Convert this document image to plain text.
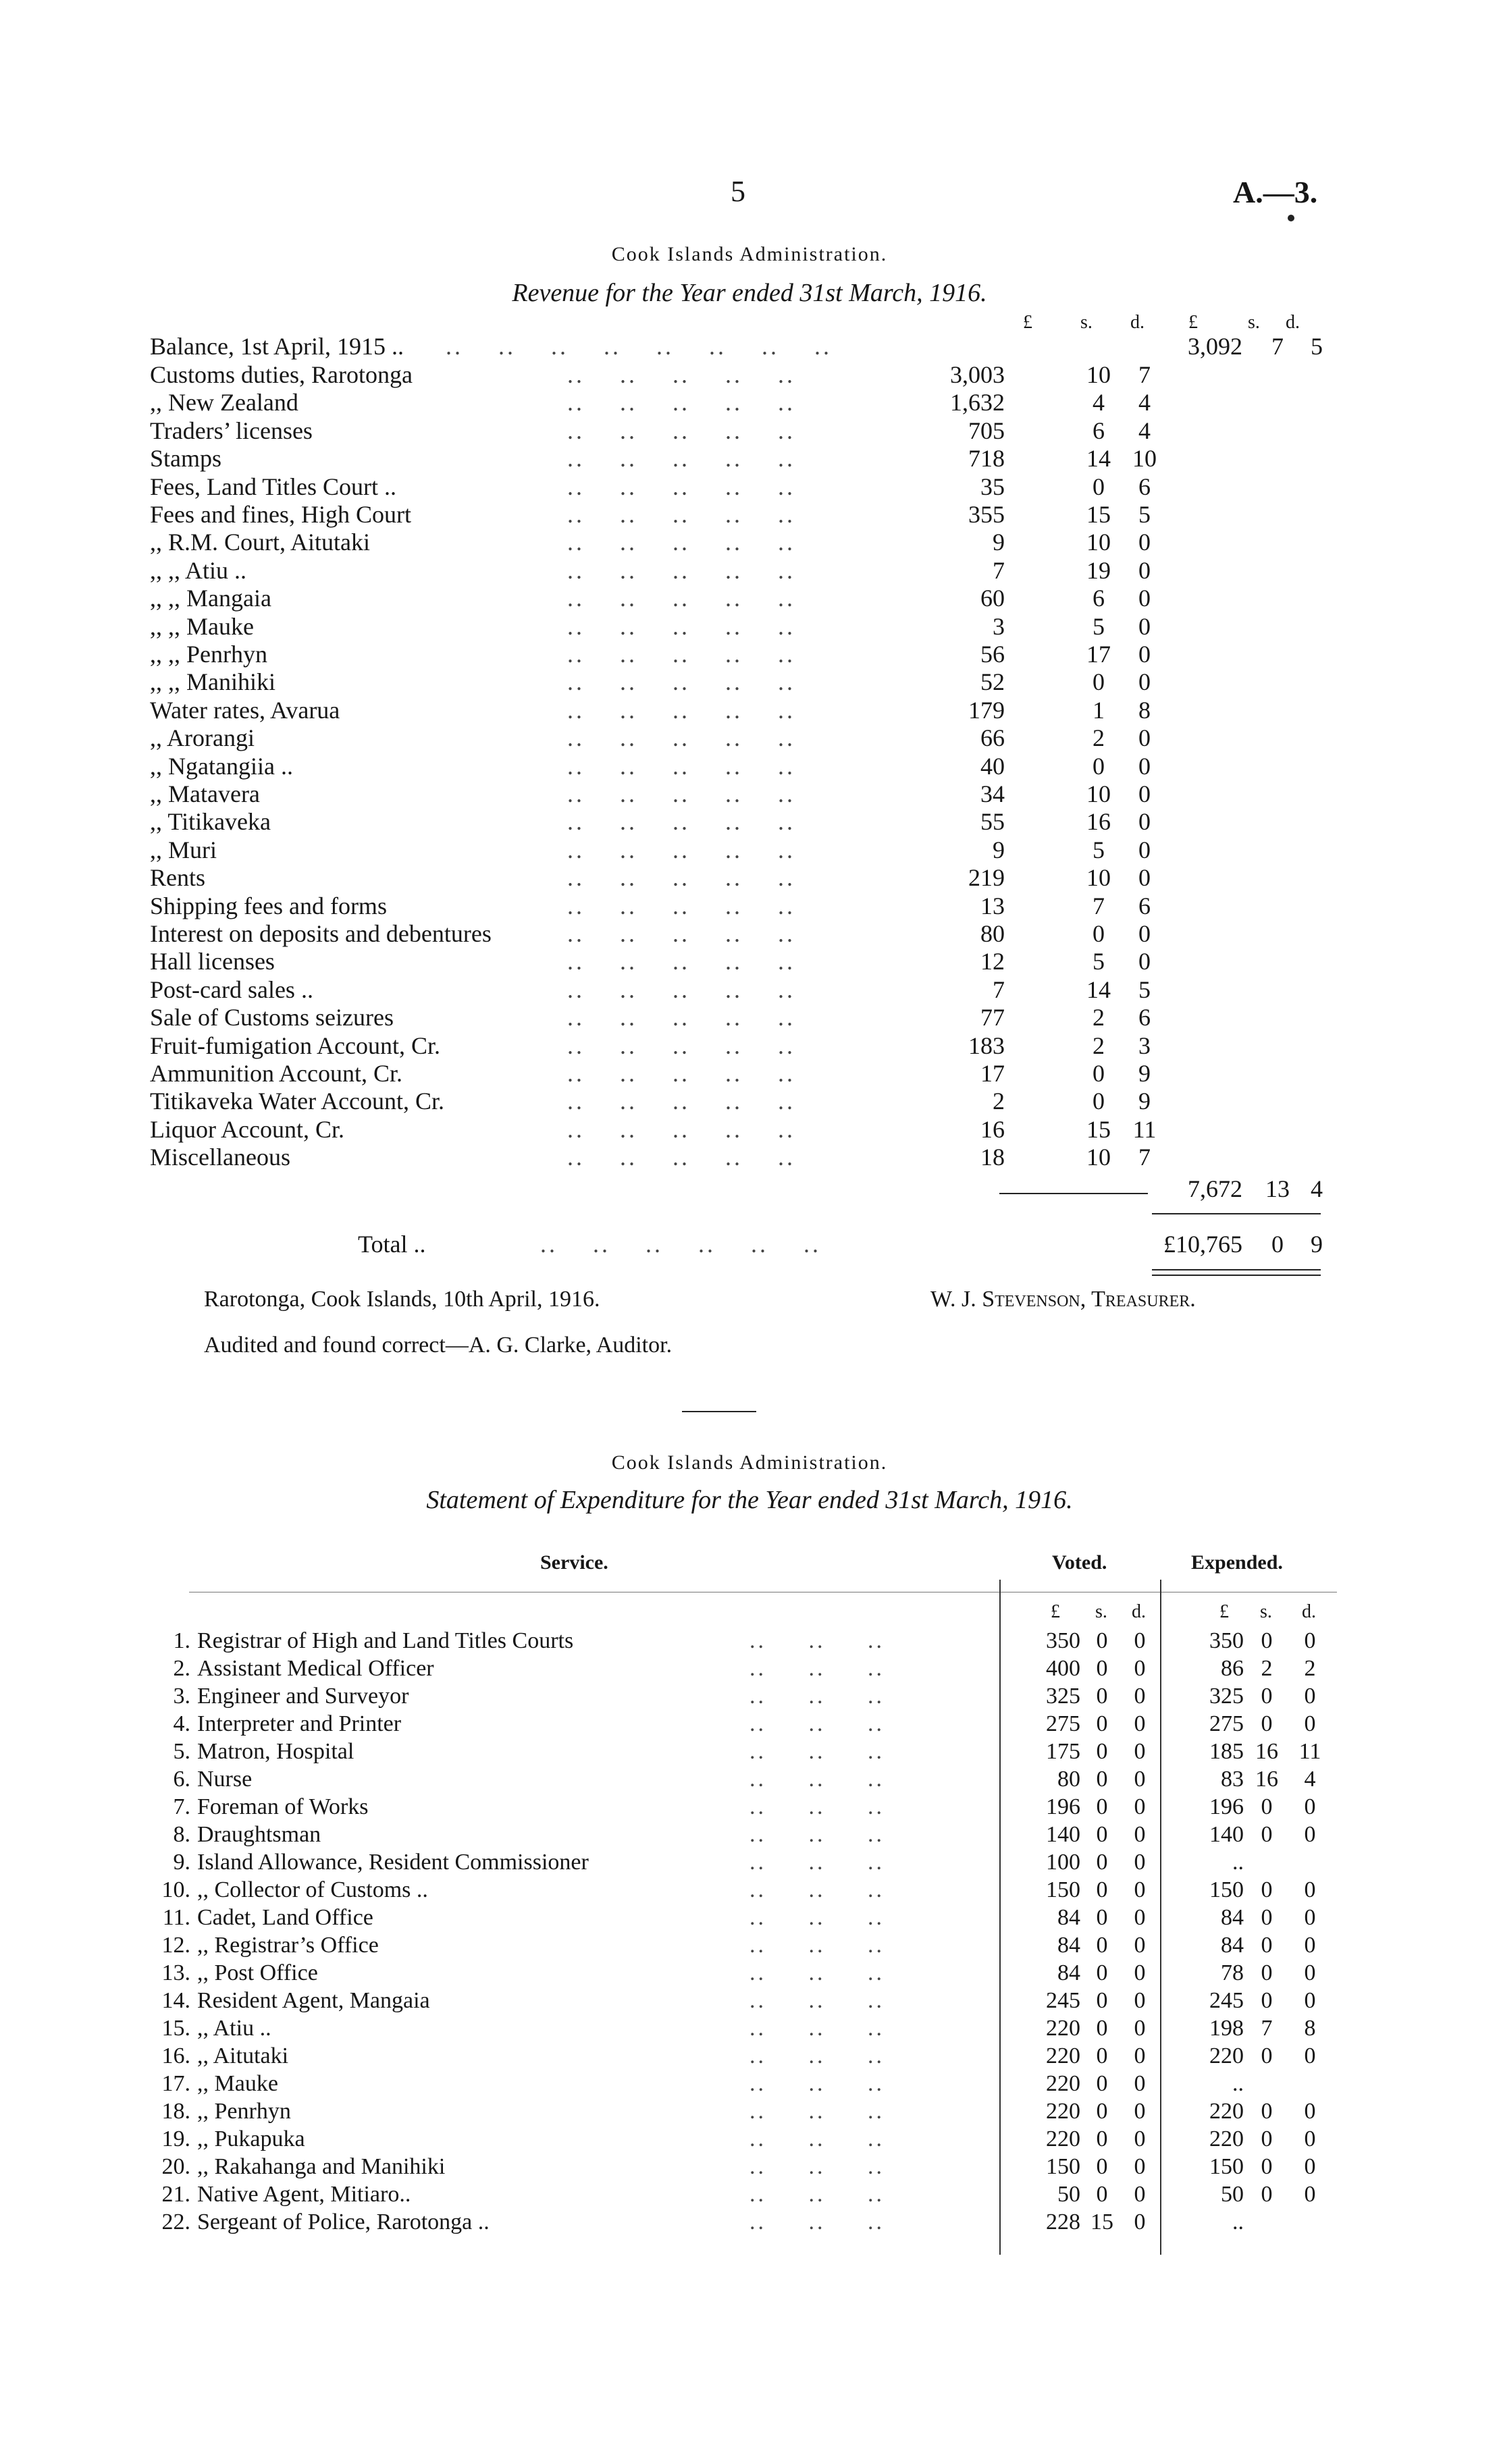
5	A.—3.
Cook Islands Administration.
Revenue for the Year ended 31st March, 1916.
£	s. d. £	s. d.
Balance, 1st April, 1915 .. ..    ..    ..    ..    ..    ..    ..    ..	3,092	7	5
Customs duties, Rarotonga	3,003	10	7
..    ..    ..    ..    ..
,, New Zealand	1,632	4	4
..    ..    ..    ..    ..
Traders’ licenses	705	6	4
..    ..    ..    ..    ..
Stamps	718	14 10
..    ..    ..    ..    ..
Fees, Land Titles Court ..	35	0	6
..    ..    ..    ..    ..
Fees and fines, High Court	355	15	5
..    ..    ..    ..    ..
,, R.M. Court, Aitutaki	9	10	0
..    ..    ..    ..    ..
,, ,, Atiu ..	7	19	0
..    ..    ..    ..    ..
,, ,, Mangaia	60	6	0
..    ..    ..    ..    ..
,, ,, Mauke	3	5	0
..    ..    ..    ..    ..
,, ,, Penrhyn	56	17	0
..    ..    ..    ..    ..
,, ,, Manihiki	52	0	0
..    ..    ..    ..    ..
Water rates, Avarua	179	1	8
..    ..    ..    ..    ..
,, Arorangi	66	2	0
..    ..    ..    ..    ..
,, Ngatangiia ..	40	0	0
..    ..    ..    ..    ..
,, Matavera	34	10	0
..    ..    ..    ..    ..
,, Titikaveka	55	16	0
..    ..    ..    ..    ..
,, Muri	9	5	0
..    ..    ..    ..    ..
Rents	219	10	0
..    ..    ..    ..    ..
Shipping fees and forms	13	7	6
..    ..    ..    ..    ..
Interest on deposits and debentures	80	0	0
..    ..    ..    ..    ..
Hall licenses	12	5	0
..    ..    ..    ..    ..
Post-card sales ..	7	14	5
..    ..    ..    ..    ..
Sale of Customs seizures	77	2	6
..    ..    ..    ..    ..
Fruit-fumigation Account, Cr.	183	2	3
..    ..    ..    ..    ..
Ammunition Account, Cr.	17	0	9
..    ..    ..    ..    ..
Titikaveka Water Account, Cr.	2	0	9
..    ..    ..    ..    ..
Liquor Account, Cr.	16	15 11
..    ..    ..    ..    ..
Miscellaneous	18	10	7
..    ..    ..    ..    ..
7,672 13 4
Total ..	..    ..    ..    ..    ..    ..	£10,765	0	9
Rarotonga, Cook Islands, 10th April, 1916.	W. J. Stevenson, Treasurer.
Audited and found correct—A. G. Clarke, Auditor.
Cook Islands Administration.
Statement of Expenditure for the Year ended 31st March, 1916.
Service.	Voted.	Expended.
£ s. d.	£ s. d.
1. Registrar of High and Land Titles Courts	350 0	0	350 0	0
..     ..     ..
2. Assistant Medical Officer	400 0	0	86 2	2
..     ..     ..
3. Engineer and Surveyor	325 0	0	325 0	0
..     ..     ..
4. Interpreter and Printer	275 0	0	275 0	0
..     ..     ..
5. Matron, Hospital	175 0	0	185 16 11
..     ..     ..
6. Nurse	80 0	0	83 16	4
..     ..     ..
7. Foreman of Works	196 0	0	196 0	0
..     ..     ..
8. Draughtsman	140 0	0	140 0	0
..     ..     ..
9. Island Allowance, Resident Commissioner	100 0	0	..
..     ..     ..
10. ,, Collector of Customs ..	150 0	0	150 0	0
..     ..     ..
11. Cadet, Land Office	84 0	0	84 0	0
..     ..     ..
12. ,, Registrar’s Office	84 0	0	84 0	0
..     ..     ..
13. ,, Post Office	84 0	0	78 0	0
..     ..     ..
14. Resident Agent, Mangaia	245 0	0	245 0	0
..     ..     ..
15. ,, Atiu ..	220 0	0	198 7	8
..     ..     ..
16. ,, Aitutaki	220 0	0	220 0	0
..     ..     ..
17. ,, Mauke	220 0	0	..
..     ..     ..
18. ,, Penrhyn	220 0	0	220 0	0
..     ..     ..
19. ,, Pukapuka	220 0	0	220 0	0
..     ..     ..
20. ,, Rakahanga and Manihiki	150 0	0	150 0	0
..     ..     ..
21. Native Agent, Mitiaro..	50 0	0	50 0	0
..     ..     ..
22. Sergeant of Police, Rarotonga ..	228 15 0	..
..     ..     ..
